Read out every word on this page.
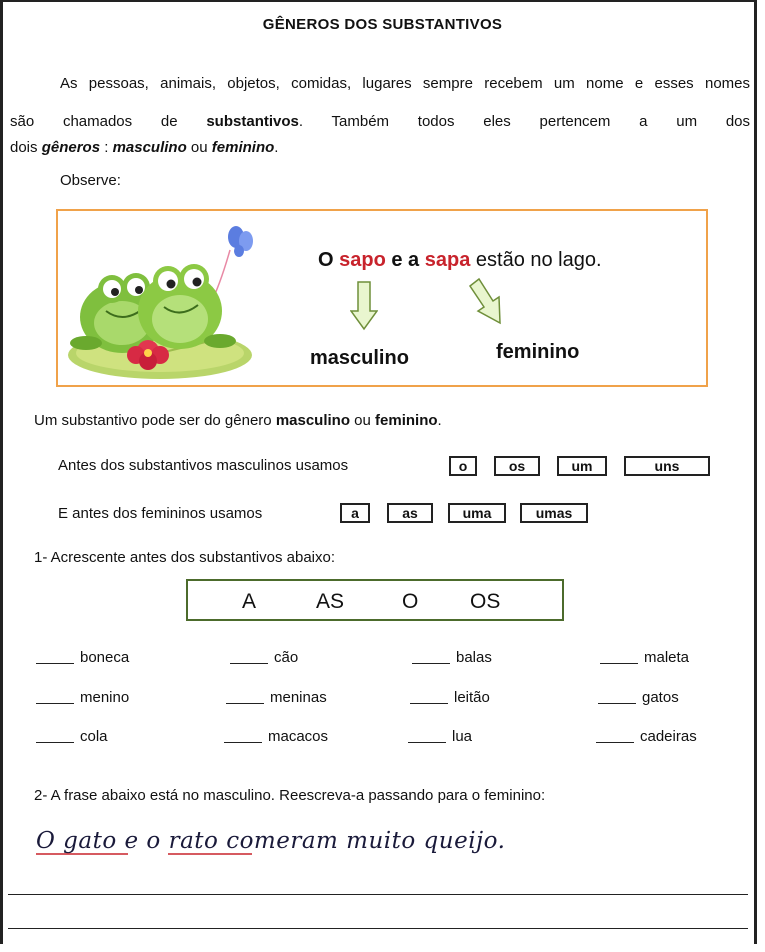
GÊNEROS DOS SUBSTANTIVOS
As pessoas, animais, objetos, comidas, lugares sempre recebem um nome e esses nomes
são chamados de substantivos. Também todos eles pertencem a um dos
dois gêneros : masculino ou feminino.
Observe:
O sapo e a sapa estão no lago.
masculino	feminino
Um substantivo pode ser do gênero masculino ou feminino.
Antes dos substantivos masculinos usamos	o	os	um	uns
E antes dos femininos usamos	a	as	uma	umas
1- Acrescente antes dos substantivos abaixo:
A	AS	O OS
boneca	cão	balas	maleta
menino	meninas	leitão	gatos
cola	macacos	lua	cadeiras
2- A frase abaixo está no masculino. Reescreva-a passando para o feminino:
O gato e o rato comeram muito queijo.
